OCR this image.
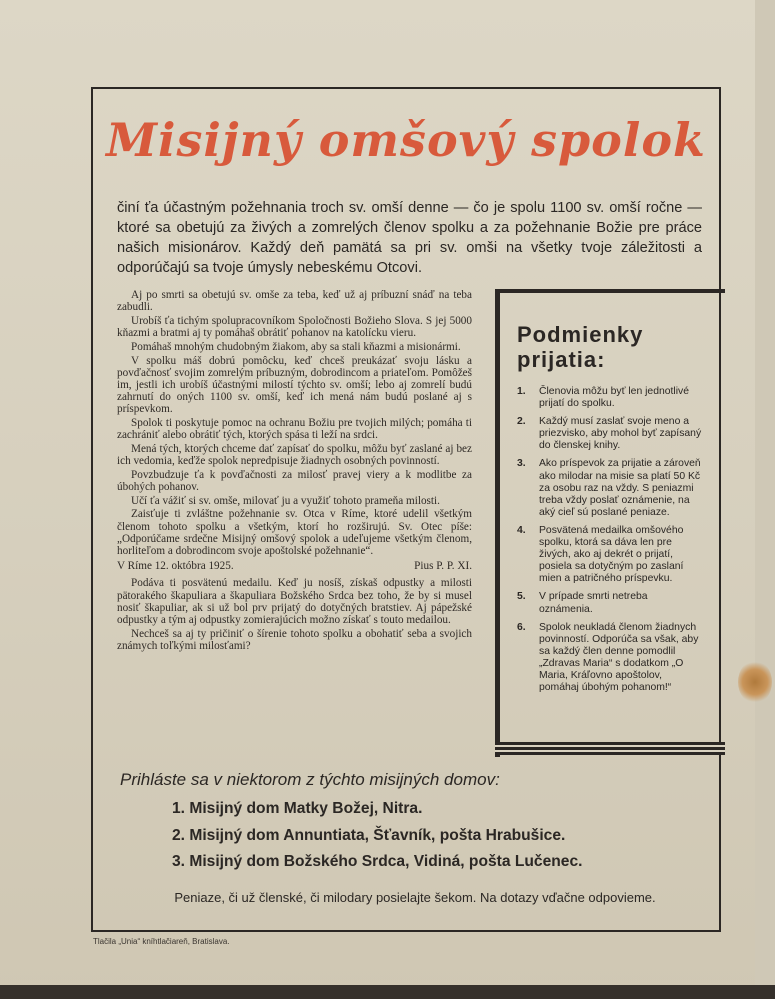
Misijný omšový spolok
činí ťa účastným požehnania troch sv. omší denne — čo je spolu 1100 sv. omší ročne — ktoré sa obetujú za živých a zomrelých členov spolku a za požehnanie Božie pre práce našich misionárov. Každý deň pamätá sa pri sv. omši na všetky tvoje záležitosti a odporúčajú sa tvoje úmysly nebeskému Otcovi.

Aj po smrti sa obetujú sv. omše za teba, keď už aj príbuzní snáď na teba zabudli.

Urobíš ťa tichým spolupracovníkom Spoločnosti Božieho Slova. S jej 5000 kňazmi a bratmi aj ty pomáhaš obrátiť pohanov na katolícku vieru.

Pomáhaš mnohým chudobným žiakom, aby sa stali kňazmi a misionármi.

V spolku máš dobrú pomôcku, keď chceš preukázať svoju lásku a povďačnosť svojim zomrelým príbuzným, dobrodincom a priateľom. Pomôžeš im, jestli ich urobíš účastnými milostí týchto sv. omší; lebo aj zomrelí budú zahrnutí do oných 1100 sv. omší, keď ich mená nám budú poslané aj s príspevkom.

Spolok ti poskytuje pomoc na ochranu Božiu pre tvojich milých; pomáha ti zachrániť alebo obrátiť tých, ktorých spása ti leží na srdci.

Mená tých, ktorých chceme dať zapísať do spolku, môžu byť zaslané aj bez ich vedomia, keďže spolok nepredpisuje žiadnych osobných povinností.

Povzbudzuje ťa k povďačnosti za milosť pravej viery a k modlitbe za úbohých pohanov.

Učí ťa vážiť si sv. omše, milovať ju a využiť tohoto prameňa milosti.

Zaisťuje ti zvláštne požehnanie sv. Otca v Ríme, ktoré udelil všetkým členom tohoto spolku a všetkým, ktorí ho rozširujú. Sv. Otec píše: „Odporúčame srdečne Misijný omšový spolok a udeľujeme všetkým členom, horliteľom a dobrodincom svoje apoštolské požehnanie“.

V Ríme 12. októbra 1925.	Pius P. P. XI.

Podáva ti posvätenú medailu. Keď ju nosíš, získaš odpustky a milosti pätorakého škapuliara a škapuliara Božského Srdca bez toho, že by si musel nosiť škapuliar, ak si už bol prv prijatý do dotyčných bratstiev. Aj pápežské odpustky a tým aj odpustky zomierajúcich možno získať s touto medailou.

Nechceš sa aj ty pričiniť o šírenie tohoto spolku a obohatiť seba a svojich známych toľkými milosťami?

Podmienky
prijatia:
1. Členovia môžu byť len jednotlivé prijatí do spolku.
2. Každý musí zaslať svoje meno a priezvisko, aby mohol byť zapísaný do členskej knihy.
3. Ako príspevok za prijatie a zároveň ako milodar na misie sa platí 50 Kč za osobu raz na vždy. S peniazmi treba vždy poslať oznámenie, na aký cieľ sú poslané peniaze.
4. Posvätená medailka omšového spolku, ktorá sa dáva len pre živých, ako aj dekrét o prijatí, posiela sa dotyčným po zaslaní mien a patričného príspevku.
5. V prípade smrti netreba oznámenia.
6. Spolok neukladá členom žiadnych povinností. Odporúča sa však, aby sa každý člen denne pomodlil „Zdravas Maria“ s dodatkom „O Maria, Kráľovno apoštolov, pomáhaj úbohým pohanom!“
Prihláste sa v niektorom z týchto misijných domov:
1. Misijný dom Matky Božej, Nitra.
2. Misijný dom Annuntiata, Šťavník, pošta Hrabušice.
3. Misijný dom Božského Srdca, Vidiná, pošta Lučenec.
Peniaze, či už členské, či milodary posielajte šekom. Na dotazy vďačne odpovieme.
Tlačila „Unia“ kníhtlačiareň, Bratislava.
